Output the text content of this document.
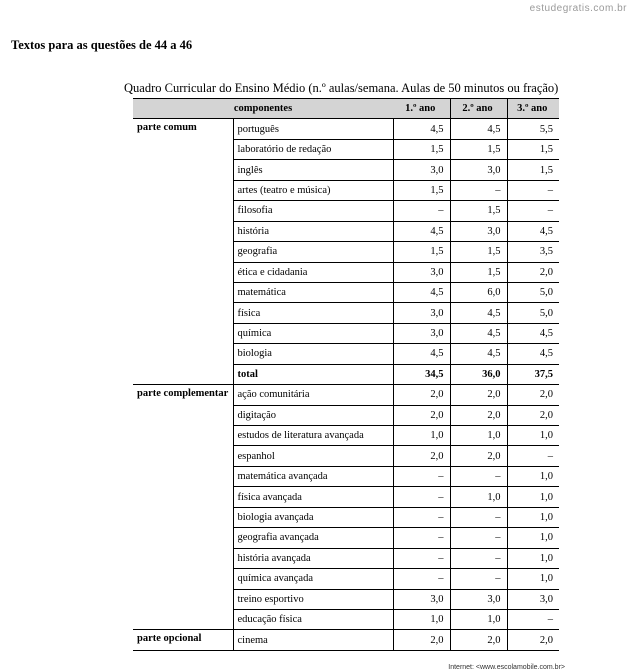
estudegratis.com.br
Textos para as questões de 44 a 46
Quadro Curricular do Ensino Médio (n.º aulas/semana. Aulas de 50 minutos ou fração)
componentes		1.º ano	2.º ano	3.º ano
parte comum	português	4,5	4,5	5,5
	laboratório de redação	1,5	1,5	1,5
	inglês	3,0	3,0	1,5
	artes (teatro e música)	1,5	–	–
	filosofia	–	1,5	–
	história	4,5	3,0	4,5
	geografia	1,5	1,5	3,5
	ética e cidadania	3,0	1,5	2,0
	matemática	4,5	6,0	5,0
	física	3,0	4,5	5,0
	química	3,0	4,5	4,5
	biologia	4,5	4,5	4,5
	total	34,5	36,0	37,5
parte complementar	ação comunitária	2,0	2,0	2,0
	digitação	2,0	2,0	2,0
	estudos de literatura avançada	1,0	1,0	1,0
	espanhol	2,0	2,0	–
	matemática avançada	–	–	1,0
	física avançada	–	1,0	1,0
	biologia avançada	–	–	1,0
	geografia avançada	–	–	1,0
	história avançada	–	–	1,0
	química avançada	–	–	1,0
	treino esportivo	3,0	3,0	3,0
	educação física	1,0	1,0	–
parte opcional	cinema	2,0	2,0	2,0
Internet: <www.escolamobile.com.br>
